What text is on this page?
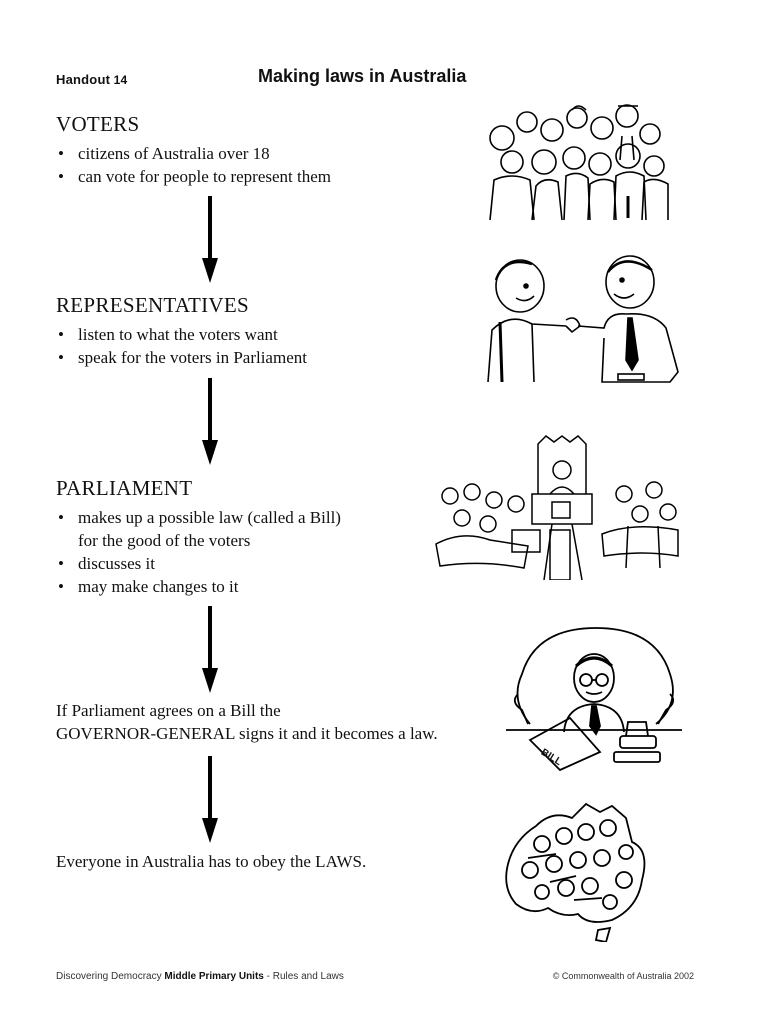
Handout 14	Making laws in Australia
VOTERS
• citizens of Australia over 18
• can vote for people to represent them
REPRESENTATIVES
• listen to what the voters want
• speak for the voters in Parliament
PARLIAMENT
• makes up a possible law (called a Bill)
for the good of the voters
• discusses it
• may make changes to it
If Parliament agrees on a Bill the
GOVERNOR-GENERAL signs it and it becomes a law.
Everyone in Australia has to obey the LAWS.
BILL
Discovering Democracy Middle Primary Units - Rules and Laws	© Commonwealth of Australia 2002
